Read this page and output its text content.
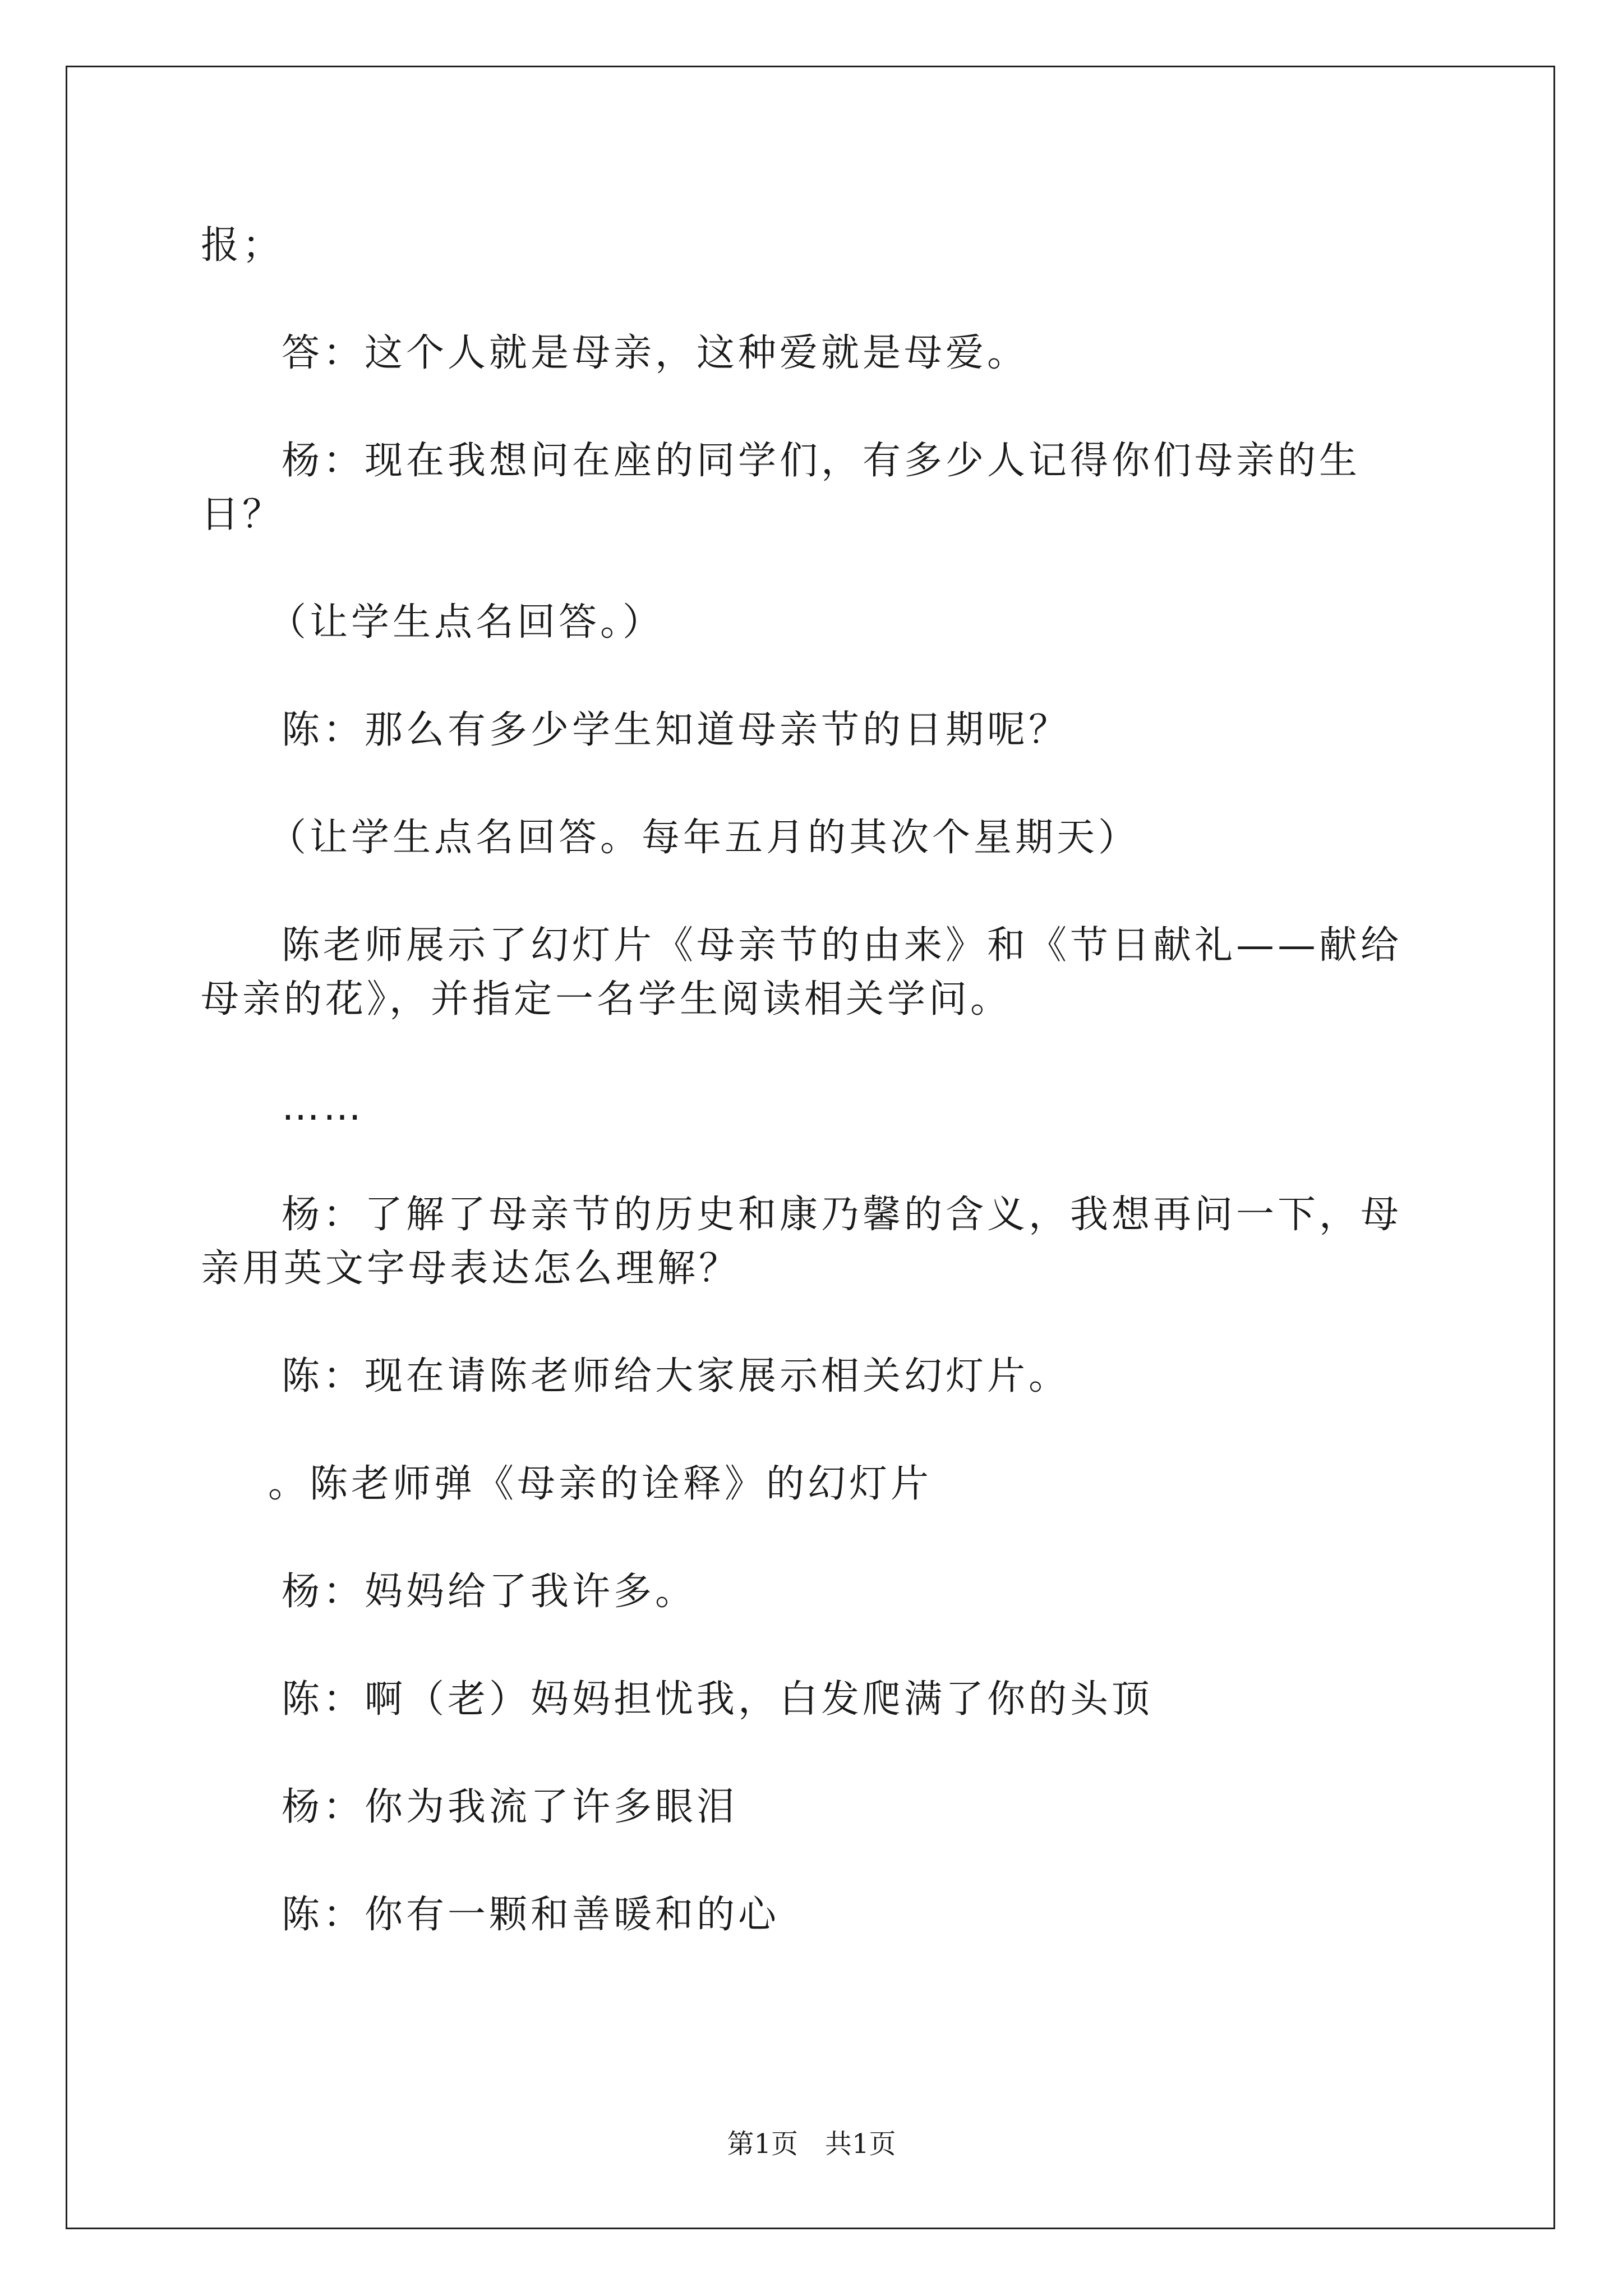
报；

答：这个人就是母亲，这种爱就是母爱。

杨：现在我想问在座的同学们，有多少人记得你们母亲的生日？

（让学生点名回答。）

陈：那么有多少学生知道母亲节的日期呢？

（让学生点名回答。每年五月的其次个星期天）

陈老师展示了幻灯片《母亲节的由来》和《节日献礼——献给母亲的花》，并指定一名学生阅读相关学问。

……

杨：了解了母亲节的历史和康乃馨的含义，我想再问一下，母亲用英文字母表达怎么理解？

陈：现在请陈老师给大家展示相关幻灯片。

。陈老师弹《母亲的诠释》的幻灯片

杨：妈妈给了我许多。

陈：啊（老）妈妈担忧我，白发爬满了你的头顶

杨：你为我流了许多眼泪

陈：你有一颗和善暖和的心

第1页　共1页
